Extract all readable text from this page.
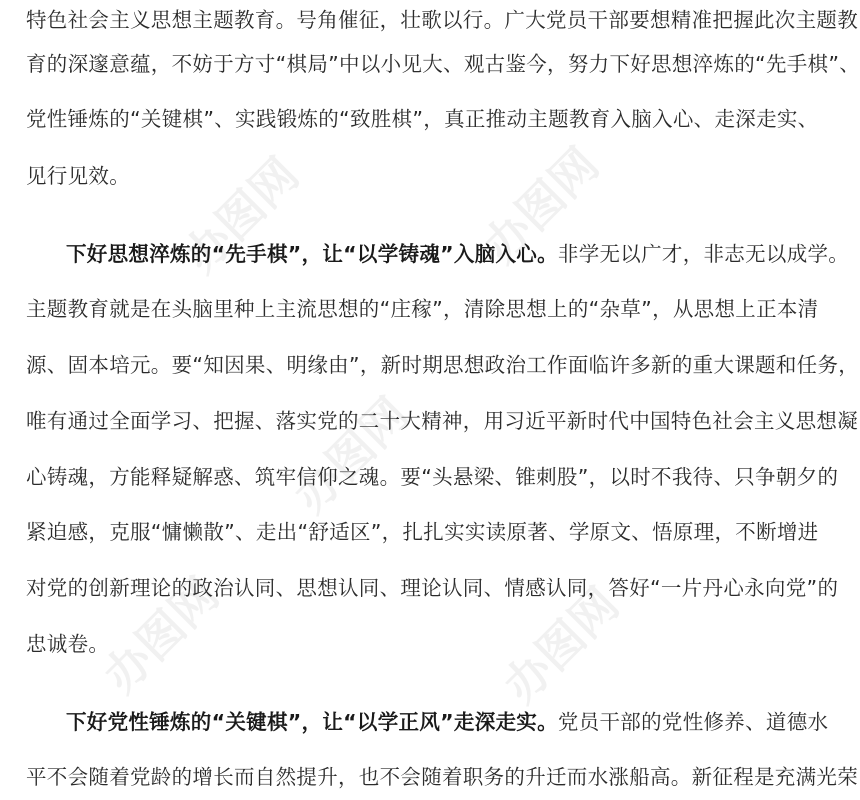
办图网	办图网
办图网
办图网	办图网
特色社会主义思想主题教育。号角催征，壮歌以行。广大党员干部要想精准把握此次主题教
育的深邃意蕴，不妨于方寸“棋局”中以小见大、观古鉴今，努力下好思想淬炼的“先手棋”、
党性锤炼的“关键棋”、实践锻炼的“致胜棋”，真正推动主题教育入脑入心、走深走实、
见行见效。
下好思想淬炼的“先手棋”，让“以学铸魂”入脑入心。非学无以广才，非志无以成学。
主题教育就是在头脑里种上主流思想的“庄稼”，清除思想上的“杂草”，从思想上正本清
源、固本培元。要“知因果、明缘由”，新时期思想政治工作面临许多新的重大课题和任务，
唯有通过全面学习、把握、落实党的二十大精神，用习近平新时代中国特色社会主义思想凝
心铸魂，方能释疑解惑、筑牢信仰之魂。要“头悬梁、锥刺股”，以时不我待、只争朝夕的
紧迫感，克服“慵懒散”、走出“舒适区”，扎扎实实读原著、学原文、悟原理，不断增进
对党的创新理论的政治认同、思想认同、理论认同、情感认同，答好“一片丹心永向党”的
忠诚卷。
下好党性锤炼的“关键棋”，让“以学正风”走深走实。党员干部的党性修养、道德水
平不会随着党龄的增长而自然提升，也不会随着职务的升迁而水涨船高。新征程是充满光荣
